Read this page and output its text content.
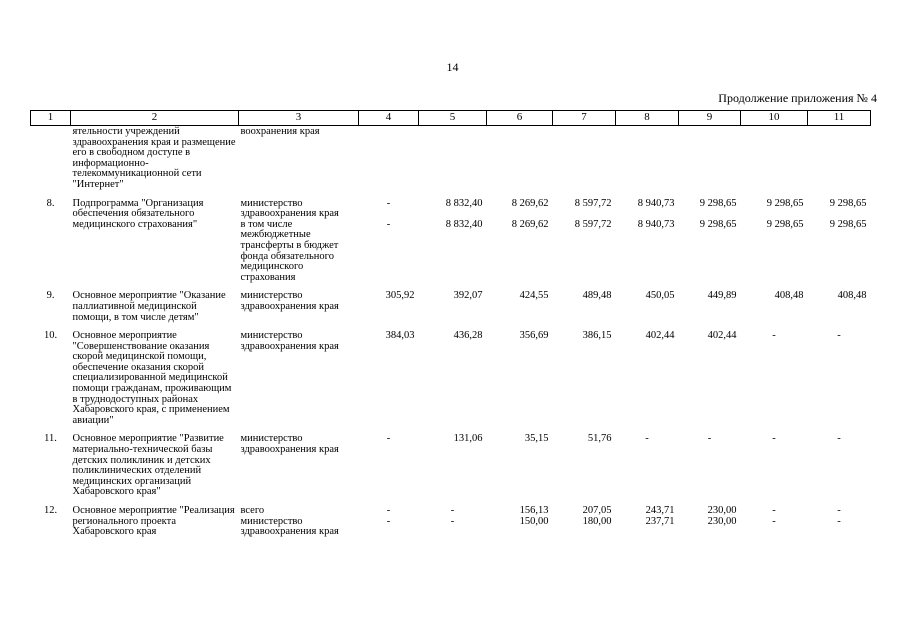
14
Продолжение приложения № 4
1	2	3	4	5	6	7	8	9	10	11
	ятельности учреждений здравоохранения края и размещение его в свободном доступе в информационно-телекоммуникационной сети "Интернет"	воохранения края								

8.	Подпрограмма "Организация обеспечения обязательного медицинского страхования"	министерство здравоохранения края	-	8 832,40	8 269,62	8 597,72	8 940,73	9 298,65	9 298,65	9 298,65
		в том числе межбюджетные трансферты в бюджет фонда обязательного медицинского страхования	-	8 832,40	8 269,62	8 597,72	8 940,73	9 298,65	9 298,65	9 298,65

9.	Основное мероприятие "Оказание паллиативной медицинской помощи, в том числе детям"	министерство здравоохранения края	305,92	392,07	424,55	489,48	450,05	449,89	408,48	408,48

10.	Основное мероприятие "Совершенствование оказания скорой медицинской помощи, обеспечение оказания скорой специализированной медицинской помощи гражданам, проживающим в труднодоступных районах Хабаровского края, с применением авиации"	министерство здравоохранения края	384,03	436,28	356,69	386,15	402,44	402,44	-	-

11.	Основное мероприятие "Развитие материально-технической базы детских поликлиник и детских поликлинических отделений медицинских организаций Хабаровского края"	министерство здравоохранения края	-	131,06	35,15	51,76	-	-	-	-

12.	Основное мероприятие "Реализация регионального проекта Хабаровского края	всего	-	-	156,13	207,05	243,71	230,00	-	-
		министерство здравоохранения края	-	-	150,00	180,00	237,71	230,00	-	-
